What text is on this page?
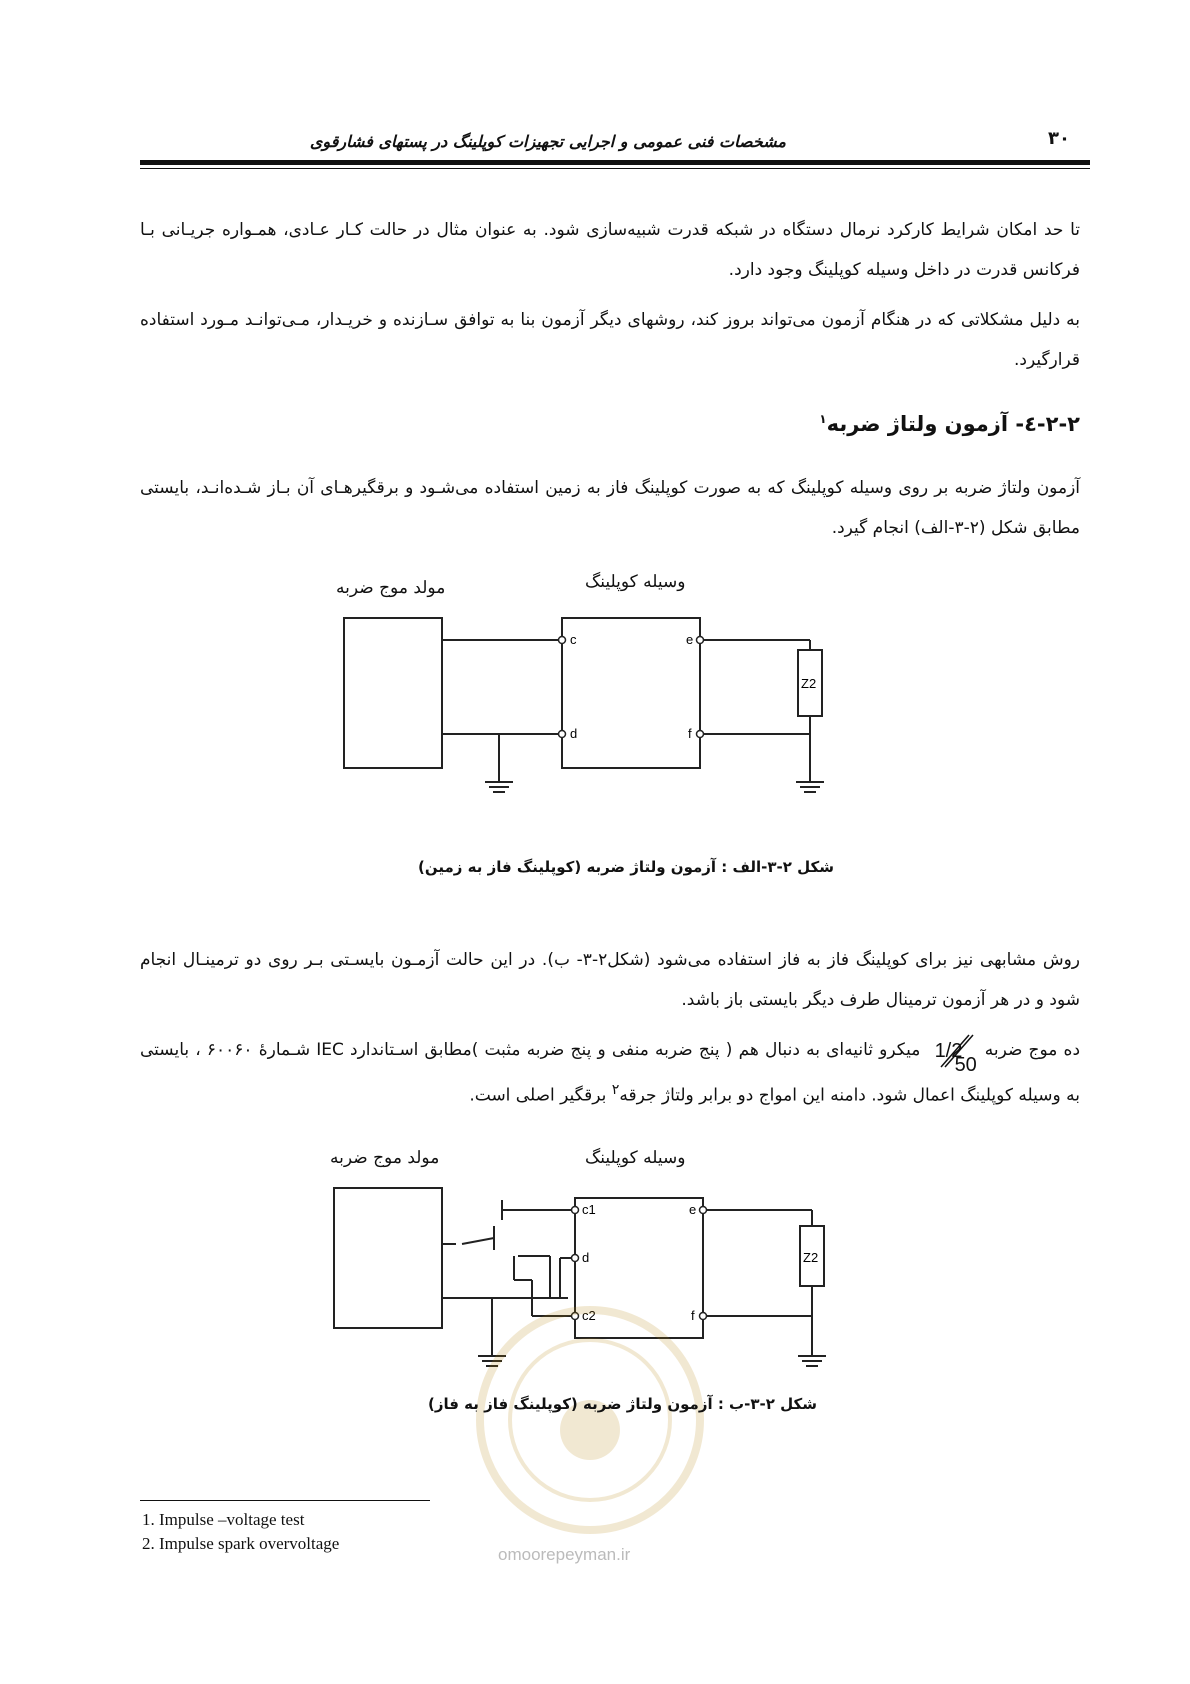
مشخصات فنی عمومی و اجرایی تجهیزات کوپلینگ در پستهای فشارقوی	۳۰
تا حد امکان شرایط کارکرد نرمال دستگاه در شبکه قدرت شبیه‌سازی شود. به عنوان مثال در حالت کـار عـادی، همـواره جریـانی بـا فرکانس قدرت در داخل وسیله کوپلینگ وجود دارد.
به دلیل مشکلاتی که در هنگام آزمون می‌تواند بروز کند، روشهای دیگر آزمون بنا به توافق سـازنده و خریـدار، مـی‌توانـد مـورد استفاده قرارگیرد.
۲-۲-٤- آزمون ولتاژ ضربه$^۱$
آزمون ولتاژ ضربه بر روی وسیله کوپلینگ که به صورت کوپلینگ فاز به زمین استفاده می‌شـود و برقگیرهـای آن بـاز شـده‌انـد، بایستی مطابق شکل (۲-۳-الف) انجام گیرد.
مولد موج ضربه	وسیله کوپلینگ
c
d
e
f
Z2
شکل ۲-۳-الف : آزمون ولتاژ ضربه (کوپلینگ فاز به زمین)
روش مشابهی نیز برای کوپلینگ فاز به فاز استفاده می‌شود (شکل۲-۳- ب). در این حالت آزمـون بایسـتی بـر روی دو ترمینـال انجام شود و در هر آزمون ترمینال طرف دیگر بایستی باز باشد.
ده موج ضربه
1/2
50
میکرو ثانیه‌ای به دنبال هم ( پنج ضربه منفی و پنج ضربه مثبت )مطابق اسـتاندارد IEC شـمارۀ ۶۰۰۶۰ ، بایستی به وسیله کوپلینگ اعمال شود. دامنه این امواج دو برابر ولتاژ جرقه$^۲$ برقگیر اصلی است.
مولد موج ضربه	وسیله کوپلینگ
c1
d
c2
e
f
Z2
شکل ۲-۳-ب : آزمون ولتاژ ضربه (کوپلینگ فاز به فاز)
1. Impulse –voltage test
2. Impulse spark overvoltage
omoorepeyman.ir
